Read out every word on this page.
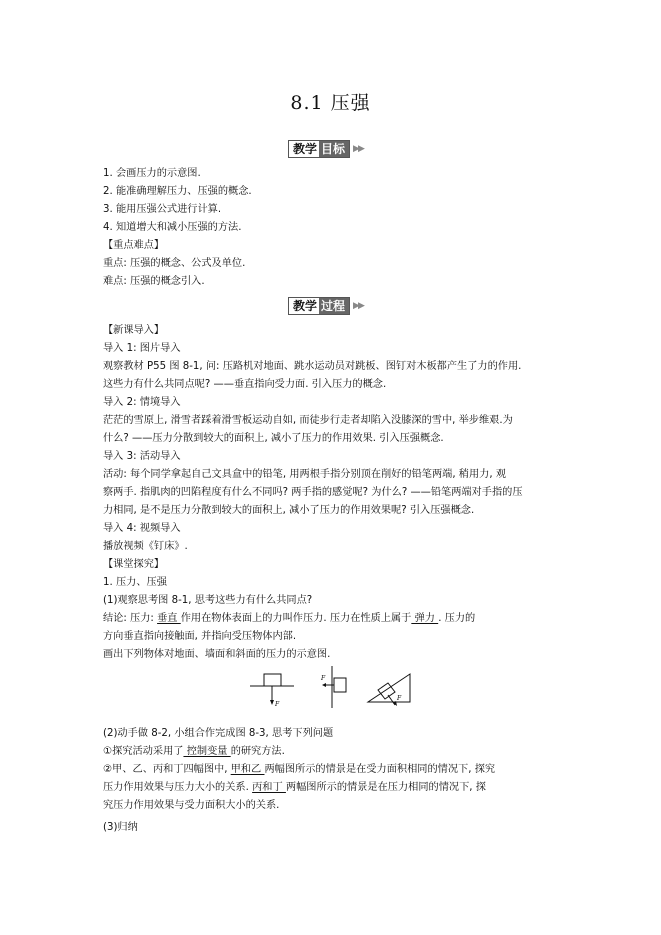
8.1 压强
教学 目标 ▶▶
1. 会画压力的示意图.
2. 能准确理解压力、压强的概念.
3. 能用压强公式进行计算.
4. 知道增大和减小压强的方法.
【重点难点】
重点: 压强的概念、公式及单位.
难点: 压强的概念引入.
教学 过程 ▶▶
【新课导入】
导入 1: 图片导入
观察教材 P55 图 8-1, 问: 压路机对地面、跳水运动员对跳板、图钉对木板都产生了力的作用.
这些力有什么共同点呢? ——垂直指向受力面. 引入压力的概念.
导入 2: 情境导入
茫茫的雪原上, 滑雪者踩着滑雪板运动自如, 而徒步行走者却陷入没膝深的雪中, 举步维艰.为
什么? ——压力分散到较大的面积上, 减小了压力的作用效果. 引入压强概念.
导入 3: 活动导入
活动: 每个同学拿起自己文具盒中的铅笔, 用两根手指分别顶在削好的铅笔两端, 稍用力, 观
察两手. 指肌肉的凹陷程度有什么不同吗? 两手指的感觉呢? 为什么? ——铅笔两端对手指的压
力相同, 是不是压力分散到较大的面积上, 减小了压力的作用效果呢? 引入压强概念.
导入 4: 视频导入
播放视频《钉床》.
【课堂探究】
1. 压力、压强
(1)观察思考图 8-1, 思考这些力有什么共同点?
结论: 压力: 垂直 作用在物体表面上的力叫作压力. 压力在性质上属于 弹力 . 压力的
方向垂直指向接触面, 并指向受压物体内部.
画出下列物体对地面、墙面和斜面的压力的示意图.
F
F
F
(2)动手做 8-2, 小组合作完成图 8-3, 思考下列问题
①探究活动采用了 控制变量 的研究方法.
②甲、乙、丙和丁四幅图中, 甲和乙 两幅图所示的情景是在受力面积相同的情况下, 探究
压力作用效果与压力大小的关系. 丙和丁 两幅图所示的情景是在压力相同的情况下, 探
究压力作用效果与受力面积大小的关系.
(3)归纳
